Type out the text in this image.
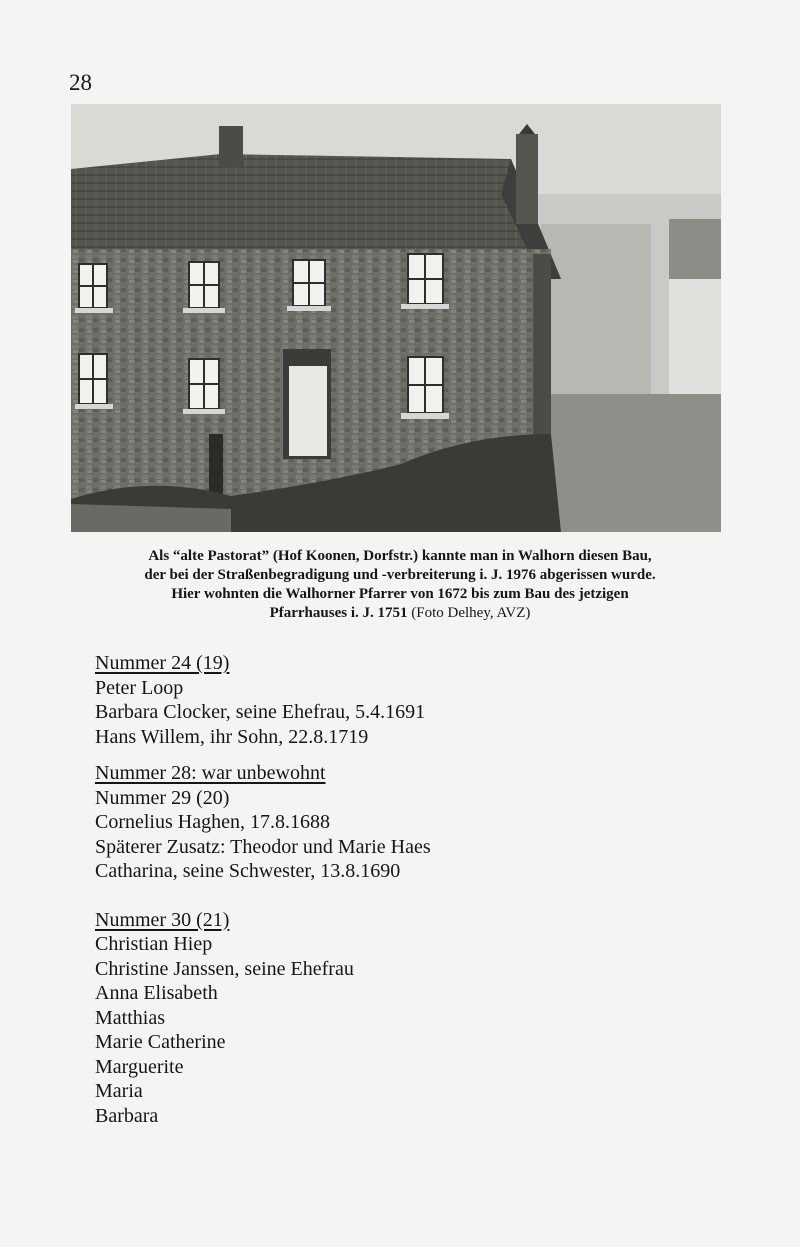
28

Als “alte Pastorat” (Hof Koonen, Dorfstr.) kannte man in Walhorn diesen Bau,
der bei der Straßenbegradigung und -verbreiterung i. J. 1976 abgerissen wurde.
Hier wohnten die Walhorner Pfarrer von 1672 bis zum Bau des jetzigen
Pfarrhauses i. J. 1751 (Foto Delhey, AVZ)
Nummer 24 (19)
Peter Loop
Barbara Clocker, seine Ehefrau, 5.4.1691
Hans Willem, ihr Sohn, 22.8.1719
Nummer 28: war unbewohnt
Nummer 29 (20)
Cornelius Haghen, 17.8.1688
Späterer Zusatz: Theodor und Marie Haes
Catharina, seine Schwester, 13.8.1690
Nummer 30 (21)
Christian Hiep
Christine Janssen, seine Ehefrau
Anna Elisabeth
Matthias
Marie Catherine
Marguerite
Maria
Barbara
